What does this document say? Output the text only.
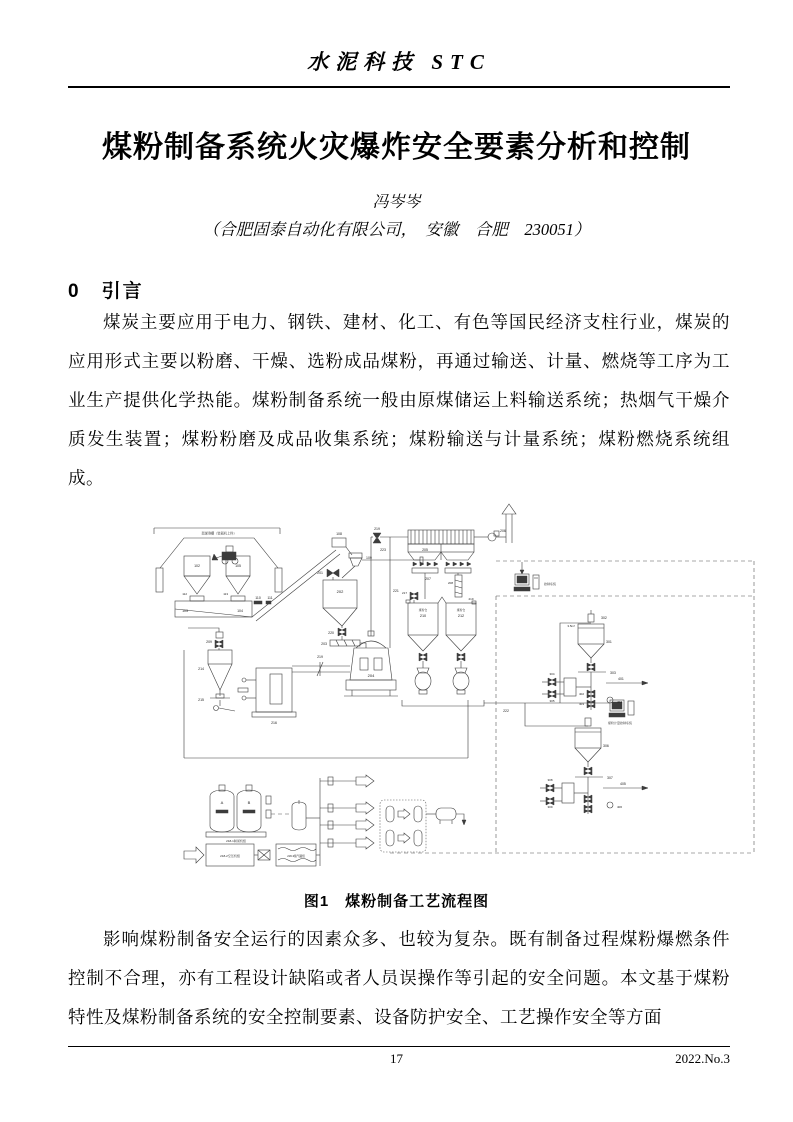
水泥科技 STC
煤粉制备系统火灾爆炸安全要素分析和控制
冯岑岑
（合肥固泰自动化有限公司，　安徽　合肥　230051）
0　引言
煤炭主要应用于电力、钢铁、建材、化工、有色等国民经济支柱行业，煤炭的应用形式主要以粉磨、干燥、选粉成品煤粉，再通过输送、计量、燃烧等工序为工业生产提供化学热能。煤粉制备系统一般由原煤储运上料输送系统；热烟气干燥介质发生装置；煤粉粉磨及成品收集系统；煤粉输送与计量系统；煤粉燃烧系统组成。
原煤堆棚（装载机上料）
102	105
112	113
103	104
110 111
108
109
201
202
220
203
204
209
214
215
216
219
221
205
206
207
219
223
217
208
219
煤粉仓
210
煤粉仓
212
222
3.5m³
302
301
303
304
305
402
403
401
404
306
307
308
309
405
406
控制系统
煤粉计量控制系统
A	B
218-1制氮机组
218-2空压机组	218-3储气罐组
图1　煤粉制备工艺流程图
影响煤粉制备安全运行的因素众多、也较为复杂。既有制备过程煤粉爆燃条件控制不合理，亦有工程设计缺陷或者人员误操作等引起的安全问题。本文基于煤粉特性及煤粉制备系统的安全控制要素、设备防护安全、工艺操作安全等方面
17	2022.No.3
